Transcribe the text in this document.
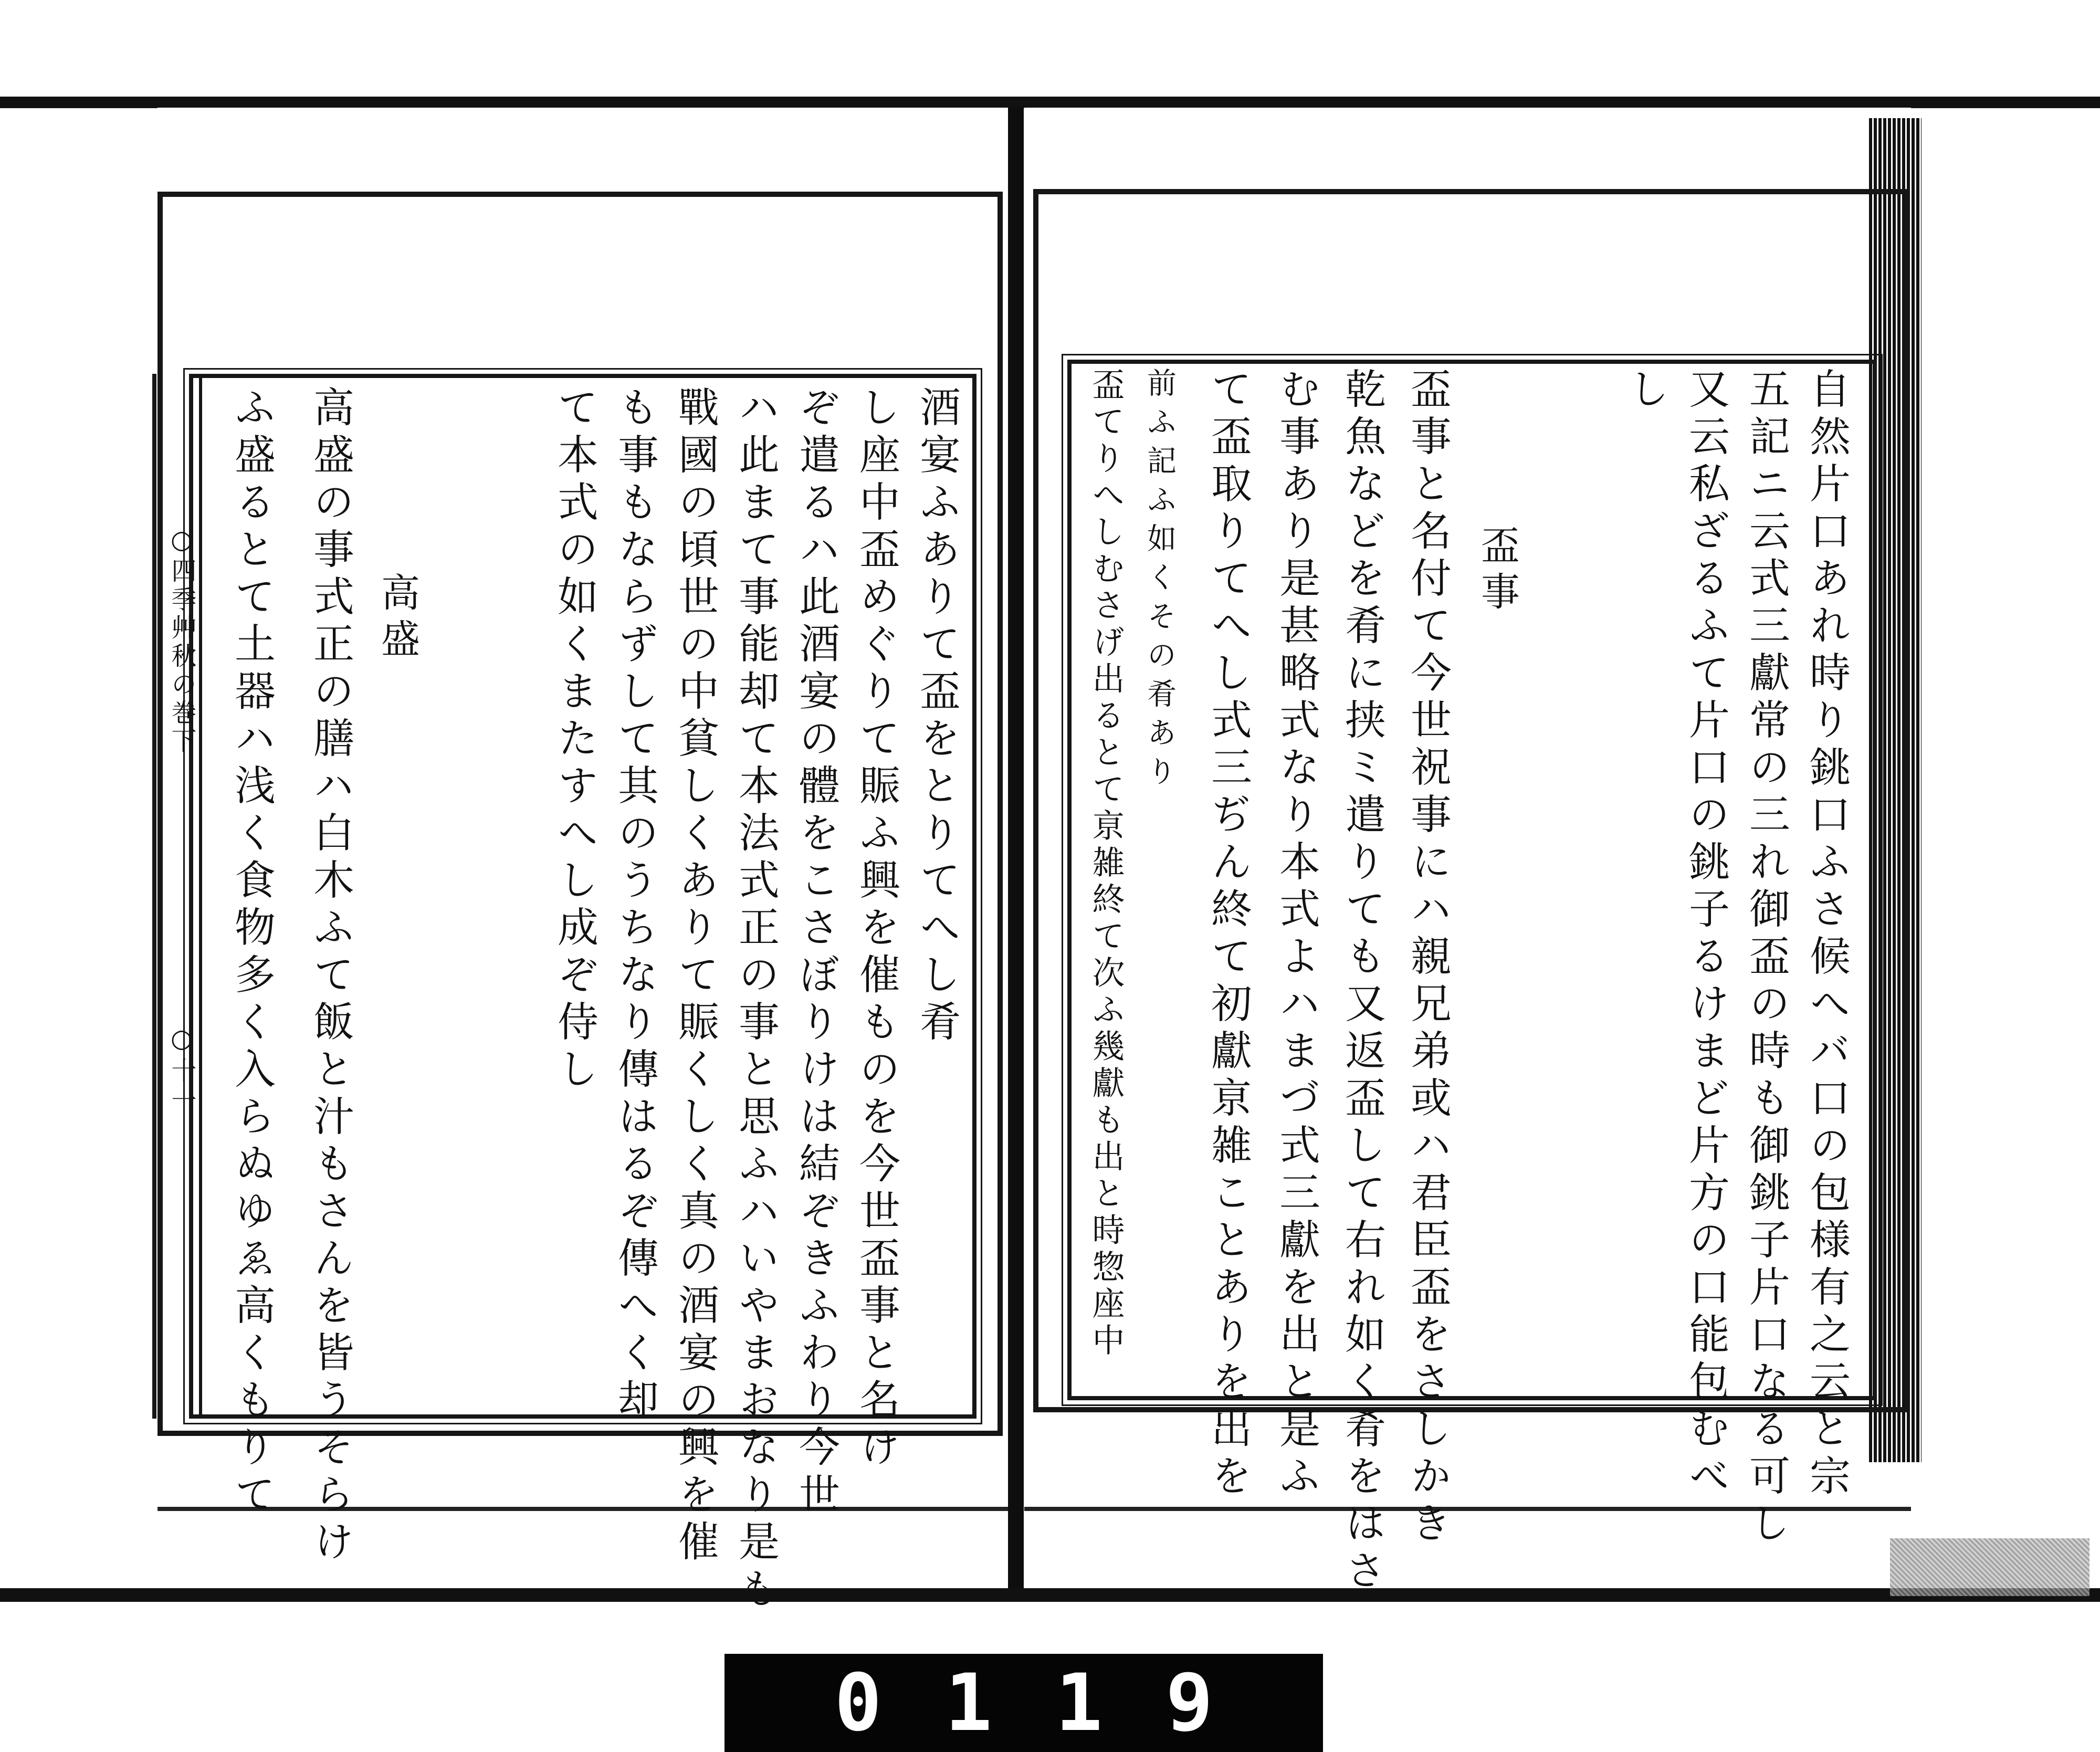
○四季艸秋の巻下
○十一
酒宴ふありて盃をとりてへし肴
し座中盃めぐりて賑ふ興を催ものを今世盃事と名け
ぞ遣るハ此酒宴の體をこさぼりけは結ぞきふわり今世
ハ此まて事能却て本法式正の事と思ふハいやまおなり是も
戰國の頃世の中貧しくありて賑くしく真の酒宴の興を催
も事もならずして其のうちなり傳はるぞ傳へく却
て本式の如くまたすへし成ぞ侍し
高盛
高盛の事式正の膳ハ白木ふて飯と汁もさんを皆うそらけ
ふ盛るとて土器ハ浅く食物多く入らぬゆゑ高くもりて	自然片口あれ時り銚口ふさ候へバ口の包様有之云と宗
五記ニ云式三獻常の三れ御盃の時も御銚子片口なる可し
又云私ざるふて片口の銚子るけまど片方の口能包むべ
し
盃事
盃事と名付て今世祝事にハ親兄弟或ハ君臣盃をさしかき
乾魚などを肴に挟ミ遣りても又返盃して右れ如く肴をはさ
む事あり是甚略式なり本式よハまづ式三獻を出と是ふ
て盃取りてへし式三ぢん終て初獻亰雑ことありを出を
前ふ記ふ如くその肴あり
盃てりへしむさげ出るとて亰雑終て次ふ幾獻も出と時惣座中
0119
